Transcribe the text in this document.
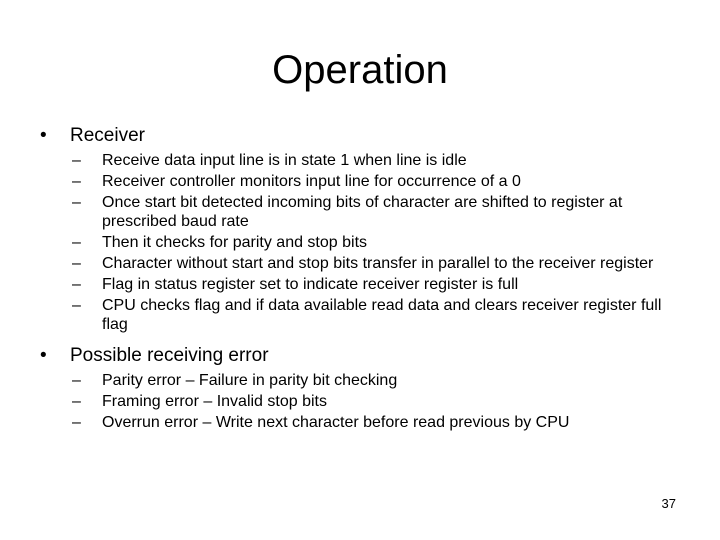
Operation
• Receiver
– Receive data input line is in state 1 when line is idle
– Receiver controller monitors input line for occurrence of a 0
– Once start bit detected incoming bits of character are shifted to register at prescribed baud rate
– Then it checks for parity and stop bits
– Character without start and stop bits transfer in parallel to the receiver register
– Flag in status register set to indicate receiver register is full
– CPU checks flag and if data available read data and clears receiver register full flag
• Possible receiving error
– Parity error – Failure in parity bit checking
– Framing error – Invalid stop bits
– Overrun error – Write next character before read previous by CPU
37
